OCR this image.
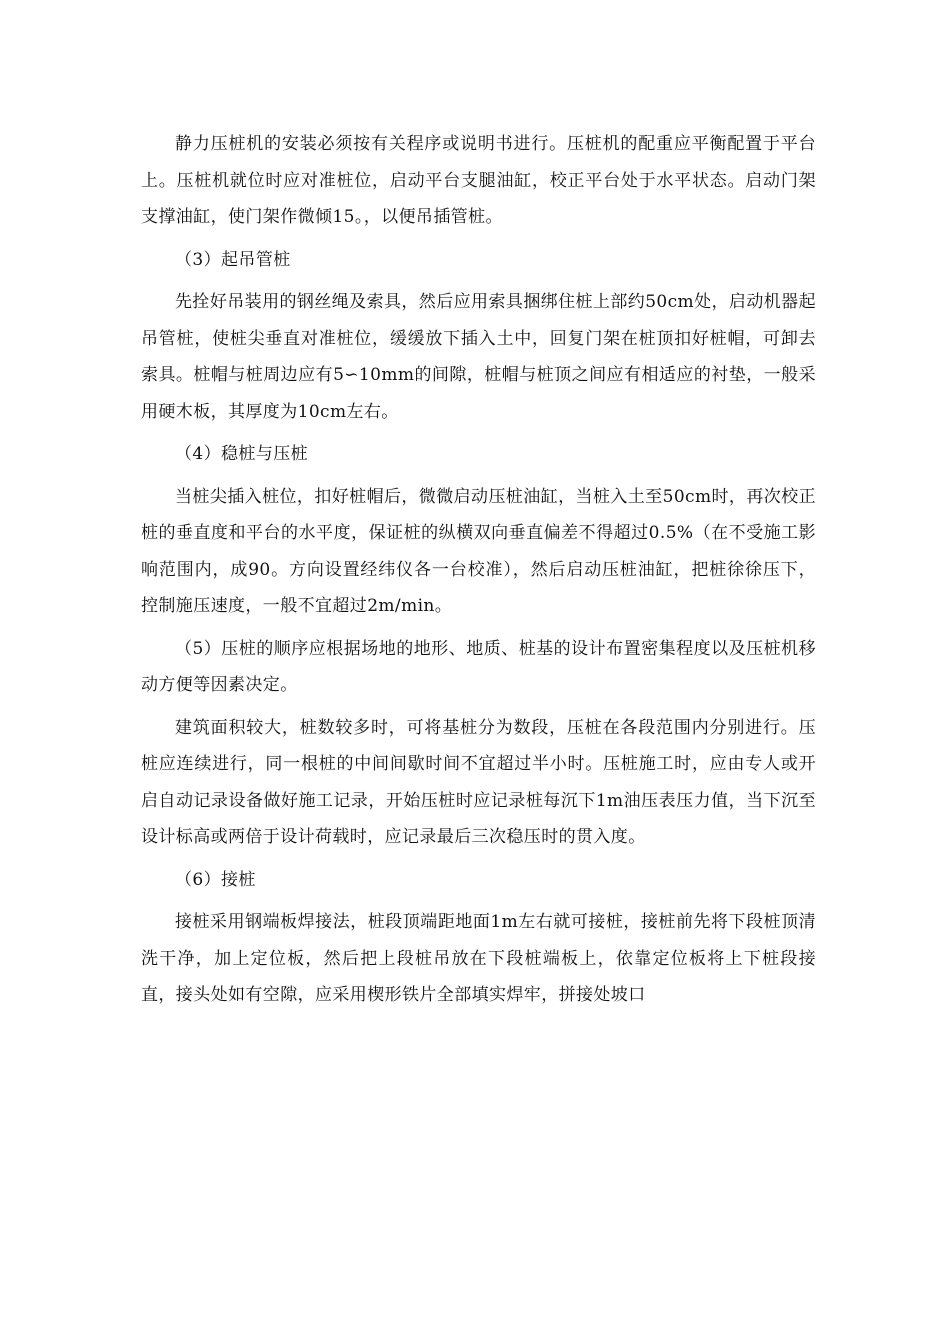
静力压桩机的安装必须按有关程序或说明书进行。压桩机的配重应平衡配置于平台上。压桩机就位时应对准桩位，启动平台支腿油缸，校正平台处于水平状态。启动门架支撑油缸，使门架作微倾15。，以便吊插管桩。

（3）起吊管桩

先拴好吊装用的钢丝绳及索具，然后应用索具捆绑住桩上部约50cm处，启动机器起吊管桩，使桩尖垂直对准桩位，缓缓放下插入土中，回复门架在桩顶扣好桩帽，可卸去索具。桩帽与桩周边应有5∽10mm的间隙，桩帽与桩顶之间应有相适应的衬垫，一般采用硬木板，其厚度为10cm左右。

（4）稳桩与压桩

当桩尖插入桩位，扣好桩帽后，微微启动压桩油缸，当桩入土至50cm时，再次校正桩的垂直度和平台的水平度，保证桩的纵横双向垂直偏差不得超过0.5%（在不受施工影响范围内，成90。方向设置经纬仪各一台校准），然后启动压桩油缸，把桩徐徐压下，控制施压速度，一般不宜超过2m/min。

（5）压桩的顺序应根据场地的地形、地质、桩基的设计布置密集程度以及压桩机移动方便等因素决定。

建筑面积较大，桩数较多时，可将基桩分为数段，压桩在各段范围内分别进行。压桩应连续进行，同一根桩的中间间歇时间不宜超过半小时。压桩施工时，应由专人或开启自动记录设备做好施工记录，开始压桩时应记录桩每沉下1m油压表压力值，当下沉至设计标高或两倍于设计荷载时，应记录最后三次稳压时的贯入度。

（6）接桩

接桩采用钢端板焊接法，桩段顶端距地面1m左右就可接桩，接桩前先将下段桩顶清洗干净，加上定位板，然后把上段桩吊放在下段桩端板上，依靠定位板将上下桩段接直，接头处如有空隙，应采用楔形铁片全部填实焊牢，拼接处坡口
